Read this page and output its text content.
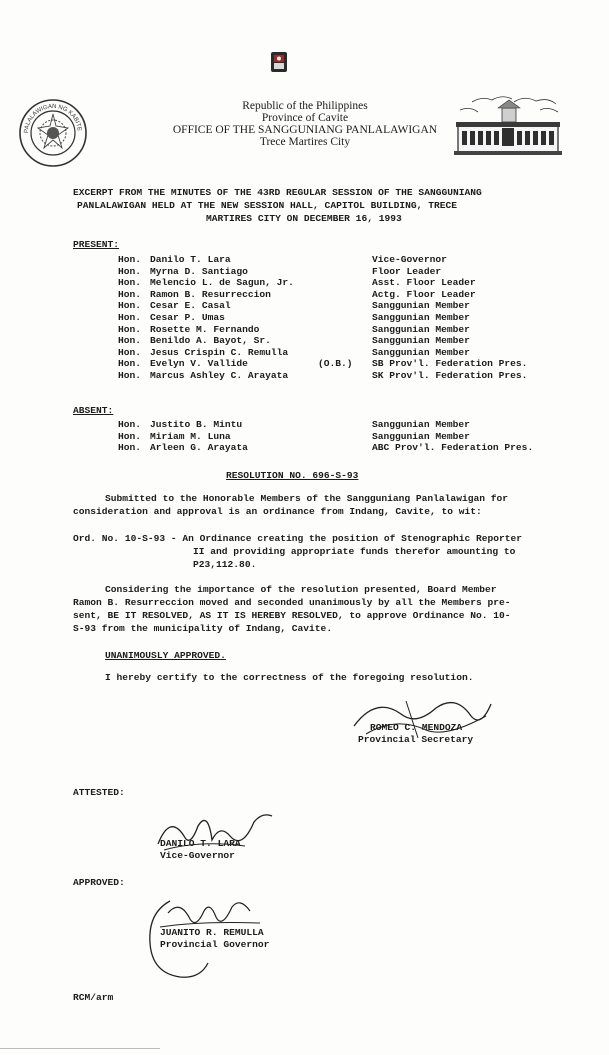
PALALAWIGAN NG KABITE
Republic of the Philippines
Province of Cavite
OFFICE OF THE SANGGUNIANG PANLALAWIGAN
Trece Martires City
EXCERPT FROM THE MINUTES OF THE 43RD REGULAR SESSION OF THE SANGGUNIANG
PANLALAWIGAN HELD AT THE NEW SESSION HALL, CAPITOL BUILDING, TRECE
MARTIRES CITY ON DECEMBER 16, 1993
PRESENT:
Hon. Danilo T. Lara	Vice-Governor
Hon. Myrna D. Santiago	Floor Leader
Hon. Melencio L. de Sagun, Jr.	Asst. Floor Leader
Hon. Ramon B. Resurreccion	Actg. Floor Leader
Hon. Cesar E. Casal	Sanggunian Member
Hon. Cesar P. Umas	Sanggunian Member
Hon. Rosette M. Fernando	Sanggunian Member
Hon. Benildo A. Bayot, Sr.	Sanggunian Member
Hon. Jesus Crispin C. Remulla	Sanggunian Member
Hon. Evelyn V. Vallide	(O.B.) SB Prov'l. Federation Pres.
Hon. Marcus Ashley C. Arayata	SK Prov'l. Federation Pres.
ABSENT:
Hon. Justito B. Mintu	Sanggunian Member
Hon. Miriam M. Luna	Sanggunian Member
Hon. Arleen G. Arayata	ABC Prov'l. Federation Pres.
RESOLUTION NO. 696-S-93
Submitted to the Honorable Members of the Sangguniang Panlalawigan for
consideration and approval is an ordinance from Indang, Cavite, to wit:
Ord. No. 10-S-93 - An Ordinance creating the position of Stenographic Reporter
II and providing appropriate funds therefor amounting to
P23,112.80.
Considering the importance of the resolution presented, Board Member
Ramon B. Resurreccion moved and seconded unanimously by all the Members pre-
sent, BE IT RESOLVED, AS IT IS HEREBY RESOLVED, to approve Ordinance No. 10-
S-93 from the municipality of Indang, Cavite.
UNANIMOUSLY APPROVED.
I hereby certify to the correctness of the foregoing resolution.
ROMEO C. MENDOZA
Provincial Secretary
ATTESTED:
DANILO T. LARA
Vice-Governor
APPROVED:
JUANITO R. REMULLA
Provincial Governor
RCM/arm
